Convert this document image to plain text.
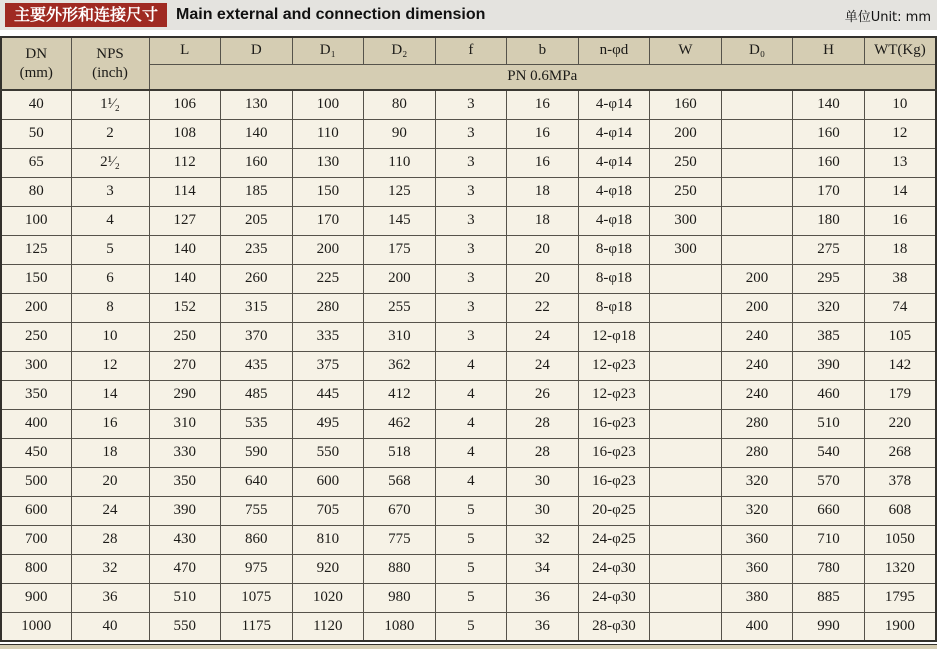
主要外形和连接尺寸	Main external and connection dimension	单位Unit: mm
DN
(mm)	NPS
(inch)	L	D	D₁	D₂	f	b	n-φd	W	D₀	H	WT(Kg)
		PN 0.6MPa										
40	1¹⁄₂	106	130	100	80	3	16	4-φ14	160		140	10
50	2	108	140	110	90	3	16	4-φ14	200		160	12
65	2¹⁄₂	112	160	130	110	3	16	4-φ14	250		160	13
80	3	114	185	150	125	3	18	4-φ18	250		170	14
100	4	127	205	170	145	3	18	4-φ18	300		180	16
125	5	140	235	200	175	3	20	8-φ18	300		275	18
150	6	140	260	225	200	3	20	8-φ18		200	295	38
200	8	152	315	280	255	3	22	8-φ18		200	320	74
250	10	250	370	335	310	3	24	12-φ18		240	385	105
300	12	270	435	375	362	4	24	12-φ23		240	390	142
350	14	290	485	445	412	4	26	12-φ23		240	460	179
400	16	310	535	495	462	4	28	16-φ23		280	510	220
450	18	330	590	550	518	4	28	16-φ23		280	540	268
500	20	350	640	600	568	4	30	16-φ23		320	570	378
600	24	390	755	705	670	5	30	20-φ25		320	660	608
700	28	430	860	810	775	5	32	24-φ25		360	710	1050
800	32	470	975	920	880	5	34	24-φ30		360	780	1320
900	36	510	1075	1020	980	5	36	24-φ30		380	885	1795
1000	40	550	1175	1120	1080	5	36	28-φ30		400	990	1900
